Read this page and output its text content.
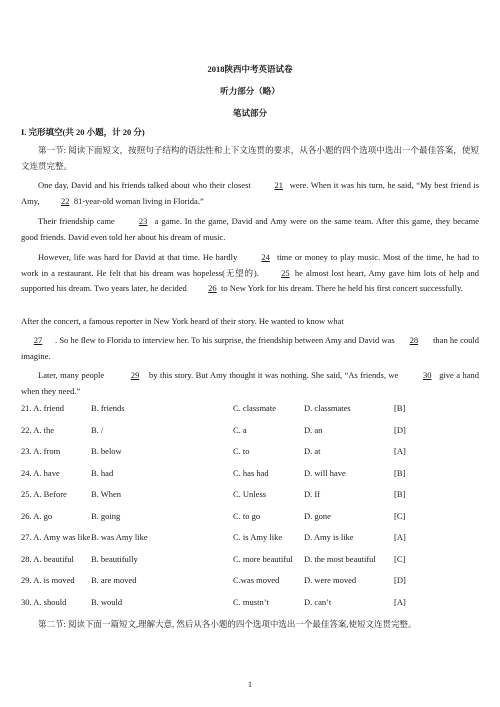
2018陕西中考英语试卷
听力部分（略）
笔试部分
I. 完形填空(共 20 小题，计 20 分)
第一节: 阅读下面短文，按照句子结构的语法性和上下文连贯的要求，从各小题的四个选项中选出一个最佳答案，使短文连贯完整。
One day, David and his friends talked about who their closest	21 were. When it was his turn, he said, “My best friend is Amy, 22 81-year-old woman living in Florida.”
Their friendship came	23 a game. In the game, David and Amy were on the same team. After this game, they became good friends. David even told her about his dream of music.
However, life was hard for David at that time. He hardly	24 time or money to play music. Most of the time, he had to work in a restaurant. He felt that his dream was hopeless(无望的). 25 he almost lost heart, Amy gave him lots of help and supported his dream. Two years later, he decided 26 to New York for his dream. There he held his first concert successfully.
After the concert, a famous reporter in New York heard of their story. He wanted to know what
27 . So he flew to Florida to interview her. To his surprise, the friendship between Amy and David was 28 than he could imagine.
Later, many people	29 by this story. But Amy thought it was nothing. She said, “As friends, we	30 give a hand when they need.”
21. A. friend	B. friends	C. classmate	D. classmates	[B]
22. A. the	B. /	C. a	D. an	[D]
23. A. from	B. below	C. to	D. at	[A]
24. A. have	B. had	C. has had	D. will have	[B]
25. A. Before	B. When	C. Unless	D. If	[B]
26. A. go	B. going	C. to go	D. gone	[C]
27. A. Amy was like B. was Amy like	C. is Amy like	D. Amy is like	[A]
28. A. beautiful B. beautifully	C. more beautiful D. the most beautiful [C]
29. A. is moved B. are moved	C.was moved	D. were moved	[D]
30. A. should	B. would	C. mustn’t	D. can’t	[A]
第二节: 阅读下面一篇短文,理解大意, 然后从各小题的四个选项中选出一个最佳答案,使短文连贯完整。
1
